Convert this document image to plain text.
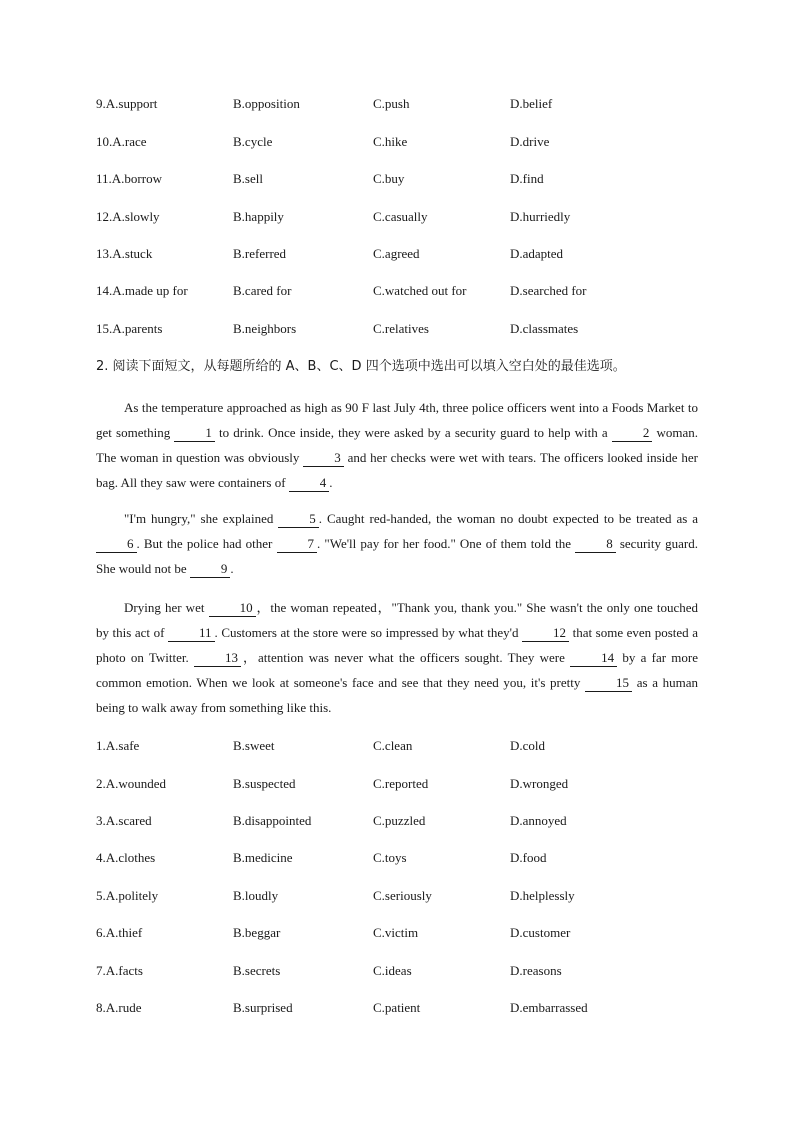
9.A.support	B.opposition	C.push	D.belief
10.A.race	B.cycle	C.hike	D.drive
11.A.borrow	B.sell	C.buy	D.find
12.A.slowly	B.happily	C.casually	D.hurriedly
13.A.stuck	B.referred	C.agreed	D.adapted
14.A.made up for	B.cared for	C.watched out for	D.searched for
15.A.parents	B.neighbors	C.relatives	D.classmates
2. 阅读下面短文，从每题所给的 A、B、C、D 四个选项中选出可以填入空白处的最佳选项。

As the temperature approached as high as 90 F last July 4th, three police officers went into a Foods Market to get something 1 to drink. Once inside, they were asked by a security guard to help with a 2 woman. The woman in question was obviously 3 and her checks were wet with tears. The officers looked inside her bag. All they saw were containers of 4 .

"I'm hungry," she explained 5 . Caught red-handed, the woman no doubt expected to be treated as a 6 . But the police had other 7 . "We'll pay for her food." One of them told the 8 security guard. She would not be 9 .

Drying her wet 10 ，the woman repeated，"Thank you, thank you." She wasn't the only one touched by this act of 11 . Customers at the store were so impressed by what they'd 12 that some even posted a photo on Twitter. 13 ，attention was never what the officers sought. They were 14 by a far more common emotion. When we look at someone's face and see that they need you, it's pretty 15 as a human being to walk away from something like this.

1.A.safe	B.sweet	C.clean	D.cold
2.A.wounded	B.suspected	C.reported	D.wronged
3.A.scared	B.disappointed	C.puzzled	D.annoyed
4.A.clothes	B.medicine	C.toys	D.food
5.A.politely	B.loudly	C.seriously	D.helplessly
6.A.thief	B.beggar	C.victim	D.customer
7.A.facts	B.secrets	C.ideas	D.reasons
8.A.rude	B.surprised	C.patient	D.embarrassed
